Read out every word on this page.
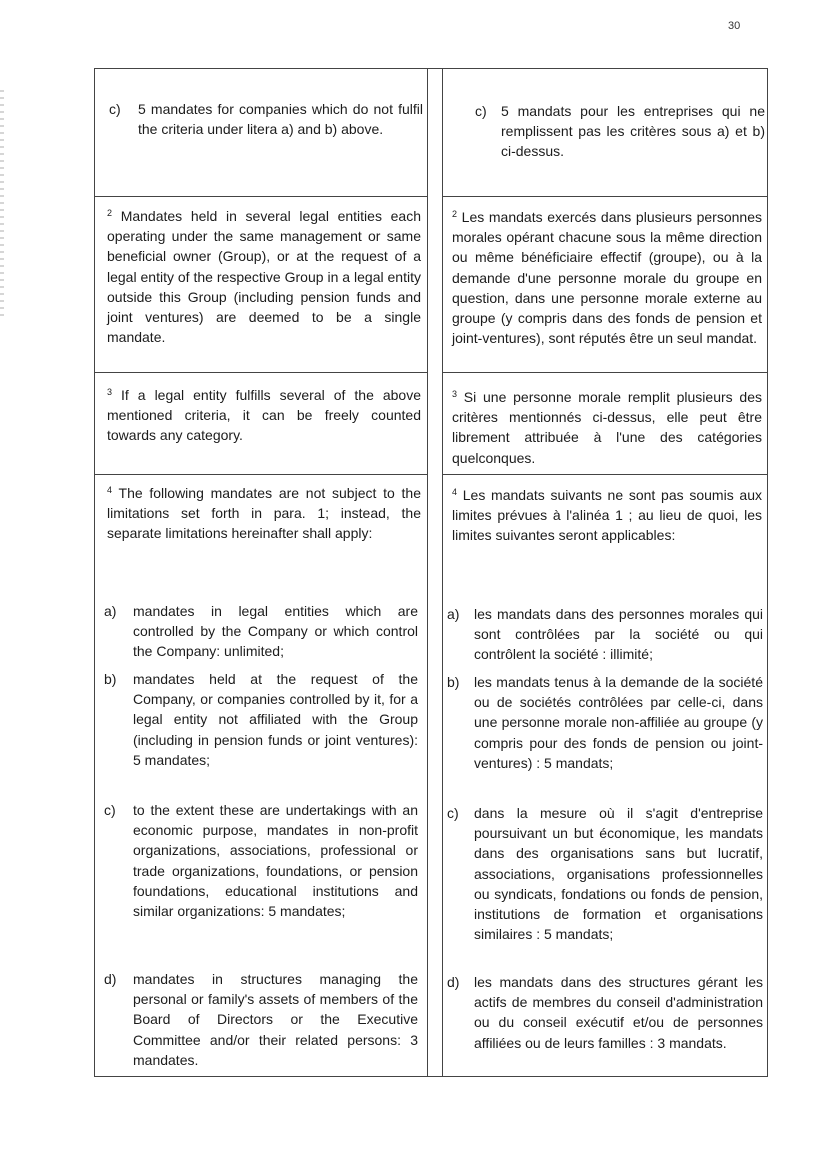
30
c) 5 mandates for companies which do not fulfil the criteria under litera a) and b) above.

c) 5 mandats pour les entreprises qui ne remplissent pas les critères sous a) et b) ci-dessus.

$^2$ Mandates held in several legal entities each operating under the same management or same beneficial owner (Group), or at the request of a legal entity of the respective Group in a legal entity outside this Group (including pension funds and joint ventures) are deemed to be a single mandate.

$^2$ Les mandats exercés dans plusieurs personnes morales opérant chacune sous la même direction ou même bénéficiaire effectif (groupe), ou à la demande d'une personne morale du groupe en question, dans une personne morale externe au groupe (y compris dans des fonds de pension et joint-ventures), sont réputés être un seul mandat.

$^3$ If a legal entity fulfills several of the above mentioned criteria, it can be freely counted towards any category.

$^3$ Si une personne morale remplit plusieurs des critères mentionnés ci-dessus, elle peut être librement attribuée à l'une des catégories quelconques.

$^4$ The following mandates are not subject to the limitations set forth in para. 1; instead, the separate limitations hereinafter shall apply:

$^4$ Les mandats suivants ne sont pas soumis aux limites prévues à l'alinéa 1 ; au lieu de quoi, les limites suivantes seront applicables:

a) mandates in legal entities which are controlled by the Company or which control the Company: unlimited;

b) mandates held at the request of the Company, or companies controlled by it, for a legal entity not affiliated with the Group (including in pension funds or joint ventures): 5 mandates;

c) to the extent these are undertakings with an economic purpose, mandates in non-profit organizations, associations, professional or trade organizations, foundations, or pension foundations, educational institutions and similar organizations: 5 mandates;

d) mandates in structures managing the personal or family's assets of members of the Board of Directors or the Executive Committee and/or their related persons: 3 mandates.

a) les mandats dans des personnes morales qui sont contrôlées par la société ou qui contrôlent la société : illimité;

b) les mandats tenus à la demande de la société ou de sociétés contrôlées par celle-ci, dans une personne morale non-affiliée au groupe (y compris pour des fonds de pension ou joint-ventures) : 5 mandats;

c) dans la mesure où il s'agit d'entreprise poursuivant un but économique, les mandats dans des organisations sans but lucratif, associations, organisations professionnelles ou syndicats, fondations ou fonds de pension, institutions de formation et organisations similaires : 5 mandats;

d) les mandats dans des structures gérant les actifs de membres du conseil d'administration ou du conseil exécutif et/ou de personnes affiliées ou de leurs familles : 3 mandats.
